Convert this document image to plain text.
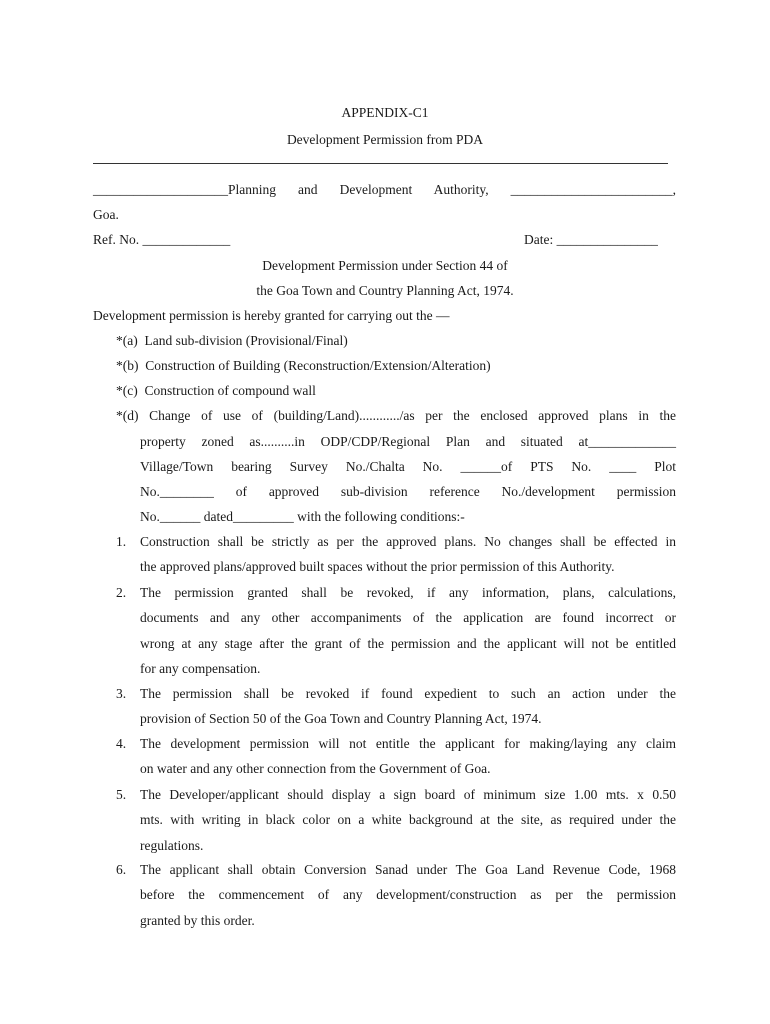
APPENDIX-C1
Development Permission from PDA
____________________Planning and Development Authority, ________________________,
Goa.
Ref. No. _____________	Date: _______________
Development Permission under Section 44 of
the Goa Town and Country Planning Act, 1974.
Development permission is hereby granted for carrying out the —
*(a) Land sub-division (Provisional/Final)
*(b) Construction of Building (Reconstruction/Extension/Alteration)
*(c) Construction of compound wall
*(d) Change of use of (building/Land)............/as per the enclosed approved plans in the
property zoned as..........in ODP/CDP/Regional Plan and situated at_____________
Village/Town bearing Survey No./Chalta No. ______of PTS No. ____ Plot
No.________ of approved sub-division reference No./development permission
No.______ dated_________ with the following conditions:-
1. Construction shall be strictly as per the approved plans. No changes shall be effected in
the approved plans/approved built spaces without the prior permission of this Authority.
2. The permission granted shall be revoked, if any information, plans, calculations,
documents and any other accompaniments of the application are found incorrect or
wrong at any stage after the grant of the permission and the applicant will not be entitled
for any compensation.
3. The permission shall be revoked if found expedient to such an action under the
provision of Section 50 of the Goa Town and Country Planning Act, 1974.
4. The development permission will not entitle the applicant for making/laying any claim
on water and any other connection from the Government of Goa.
5. The Developer/applicant should display a sign board of minimum size 1.00 mts. x 0.50
mts. with writing in black color on a white background at the site, as required under the
regulations.
6. The applicant shall obtain Conversion Sanad under The Goa Land Revenue Code, 1968
before the commencement of any development/construction as per the permission
granted by this order.
